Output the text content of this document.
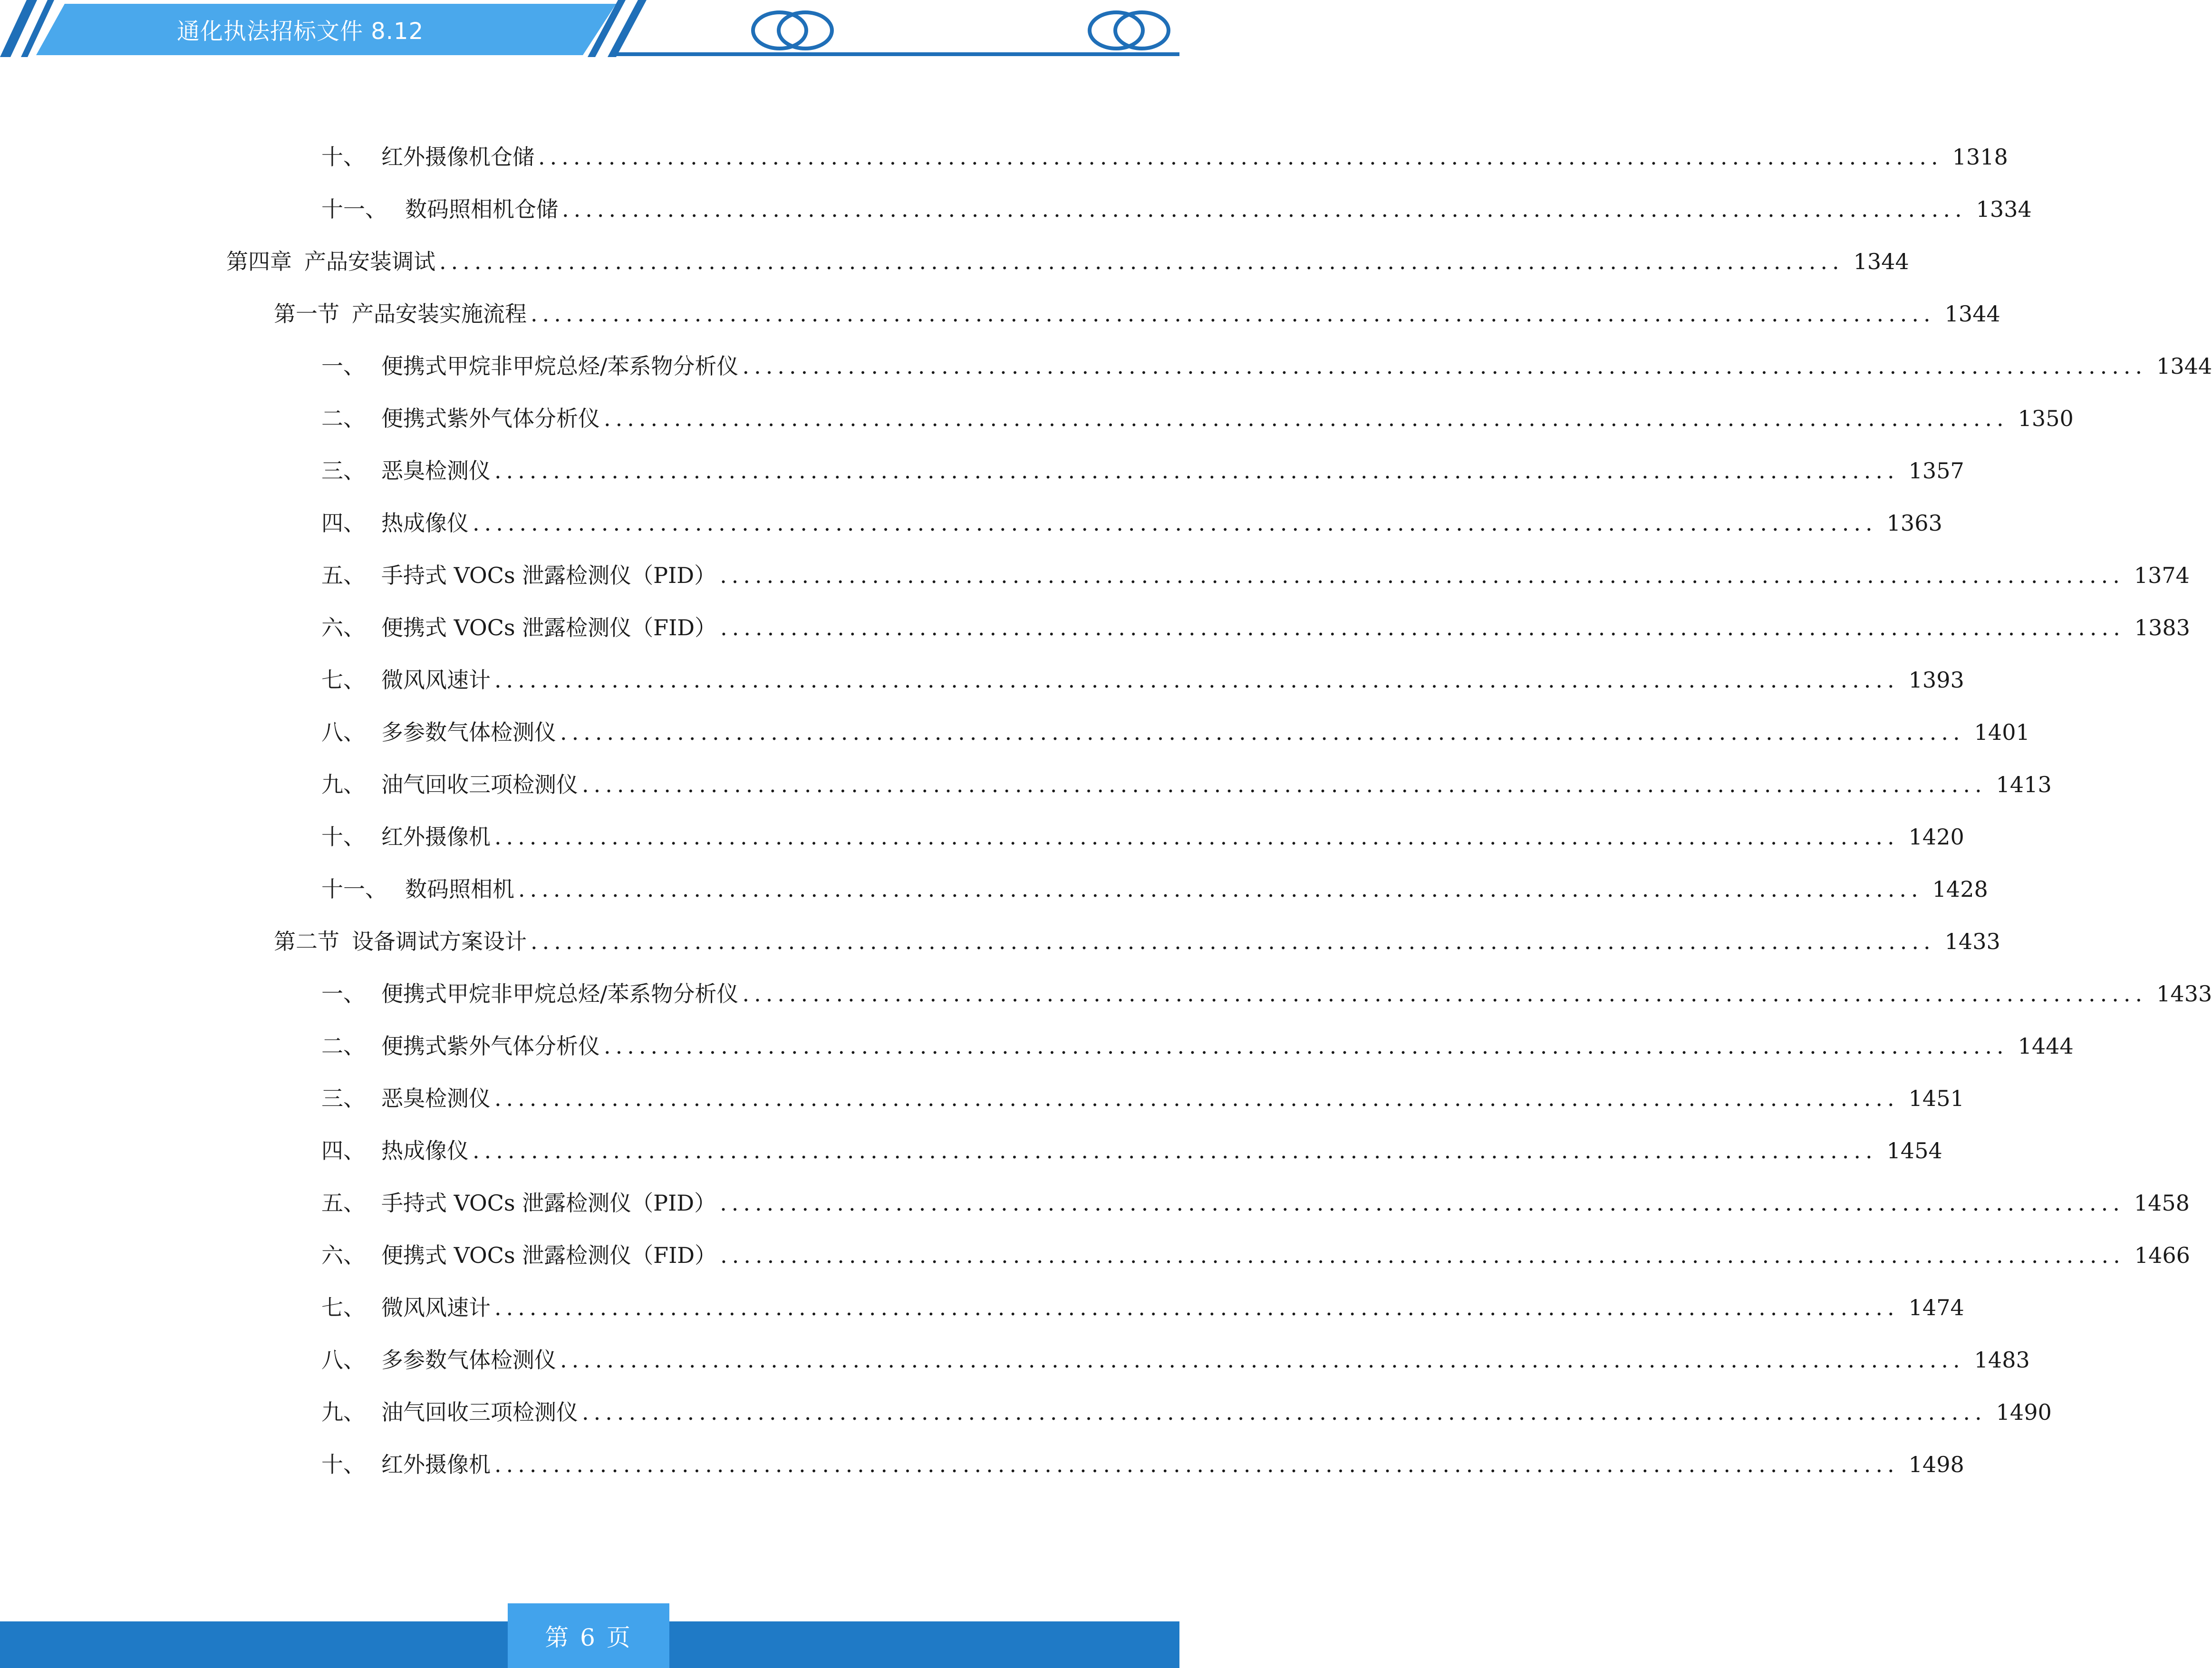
通化执法招标文件 8.12
十、 红外摄像机仓储 ........................................................................................................................ 1318
十一、 数码照相机仓储 ........................................................................................................................ 1334
第四章 产品安装调试 ........................................................................................................................ 1344
第一节 产品安装实施流程 ........................................................................................................................ 1344
一、 便携式甲烷非甲烷总烃/苯系物分析仪 ........................................................................................................................ 1344
二、 便携式紫外气体分析仪 ........................................................................................................................ 1350
三、 恶臭检测仪 ........................................................................................................................ 1357
四、 热成像仪 ........................................................................................................................ 1363
五、 手持式 VOCs 泄露检测仪（PID） ........................................................................................................................ 1374
六、 便携式 VOCs 泄露检测仪（FID） ........................................................................................................................ 1383
七、 微风风速计 ........................................................................................................................ 1393
八、 多参数气体检测仪 ........................................................................................................................ 1401
九、 油气回收三项检测仪 ........................................................................................................................ 1413
十、 红外摄像机 ........................................................................................................................ 1420
十一、 数码照相机 ........................................................................................................................ 1428
第二节 设备调试方案设计 ........................................................................................................................ 1433
一、 便携式甲烷非甲烷总烃/苯系物分析仪 ........................................................................................................................ 1433
二、 便携式紫外气体分析仪 ........................................................................................................................ 1444
三、 恶臭检测仪 ........................................................................................................................ 1451
四、 热成像仪 ........................................................................................................................ 1454
五、 手持式 VOCs 泄露检测仪（PID） ........................................................................................................................ 1458
六、 便携式 VOCs 泄露检测仪（FID） ........................................................................................................................ 1466
七、 微风风速计 ........................................................................................................................ 1474
八、 多参数气体检测仪 ........................................................................................................................ 1483
九、 油气回收三项检测仪 ........................................................................................................................ 1490
十、 红外摄像机 ........................................................................................................................ 1498
第 6 页
